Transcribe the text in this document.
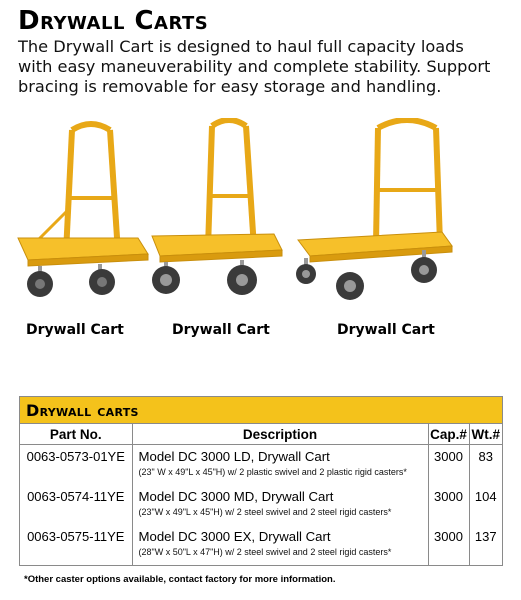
Drywall Carts
The Drywall Cart is designed to haul full capacity loads
with easy maneuverability and complete stability. Support
bracing is removable for easy storage and handling.
Drywall Cart	Drywall Cart	Drywall Cart
Drywall carts
Part No.	Description	Cap.#	Wt.#
0063-0573-01YE	Model DC 3000 LD, Drywall Cart
(23" W x 49"L x 45"H) w/ 2 plastic swivel and 2 plastic rigid casters*	3000	83
0063-0574-11YE	Model DC 3000 MD, Drywall Cart
(23"W x 49"L x 45"H) w/ 2 steel swivel and 2 steel rigid casters*	3000	104
0063-0575-11YE	Model DC 3000 EX, Drywall Cart
(28"W x 50"L x 47"H) w/ 2 steel swivel and 2 steel rigid casters*	3000	137
*Other caster options available, contact factory for more information.
